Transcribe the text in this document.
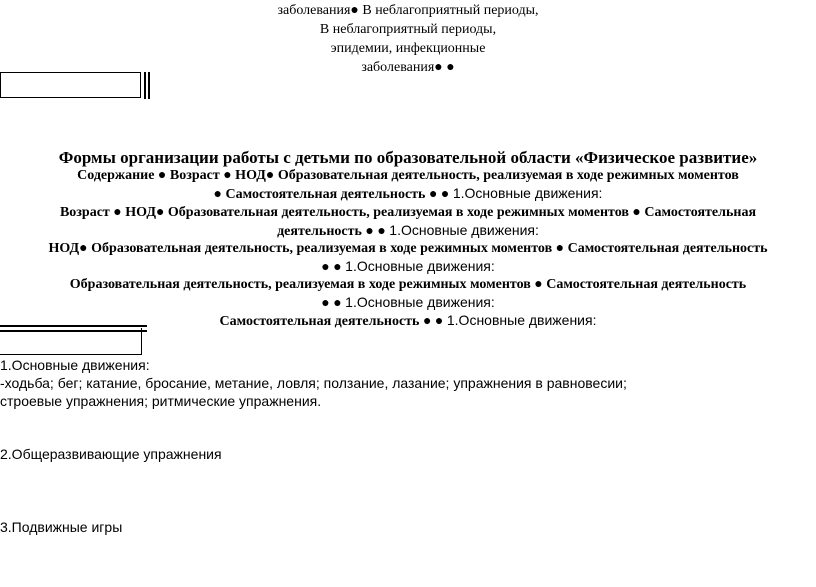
заболевания● В неблагоприятный периоды,
В неблагоприятный периоды,
эпидемии, инфекционные
заболевания● ●
Формы организации работы с детьми по образовательной области «Физическое развитие»
Содержание ● Возраст ● НОД● Образовательная деятельность, реализуемая в ходе режимных моментов
● Самостоятельная деятельность ● ● 1.Основные движения:
Возраст ● НОД● Образовательная деятельность, реализуемая в ходе режимных моментов ● Самостоятельная
деятельность ● ● 1.Основные движения:
НОД● Образовательная деятельность, реализуемая в ходе режимных моментов ● Самостоятельная деятельность
● ● 1.Основные движения:
Образовательная деятельность, реализуемая в ходе режимных моментов ● Самостоятельная деятельность
● ● 1.Основные движения:
Самостоятельная деятельность ● ● 1.Основные движения:
1.Основные движения:
-ходьба; бег; катание, бросание, метание, ловля; ползание, лазание; упражнения в равновесии;
строевые упражнения; ритмические упражнения.
2.Общеразвивающие упражнения
3.Подвижные игры
